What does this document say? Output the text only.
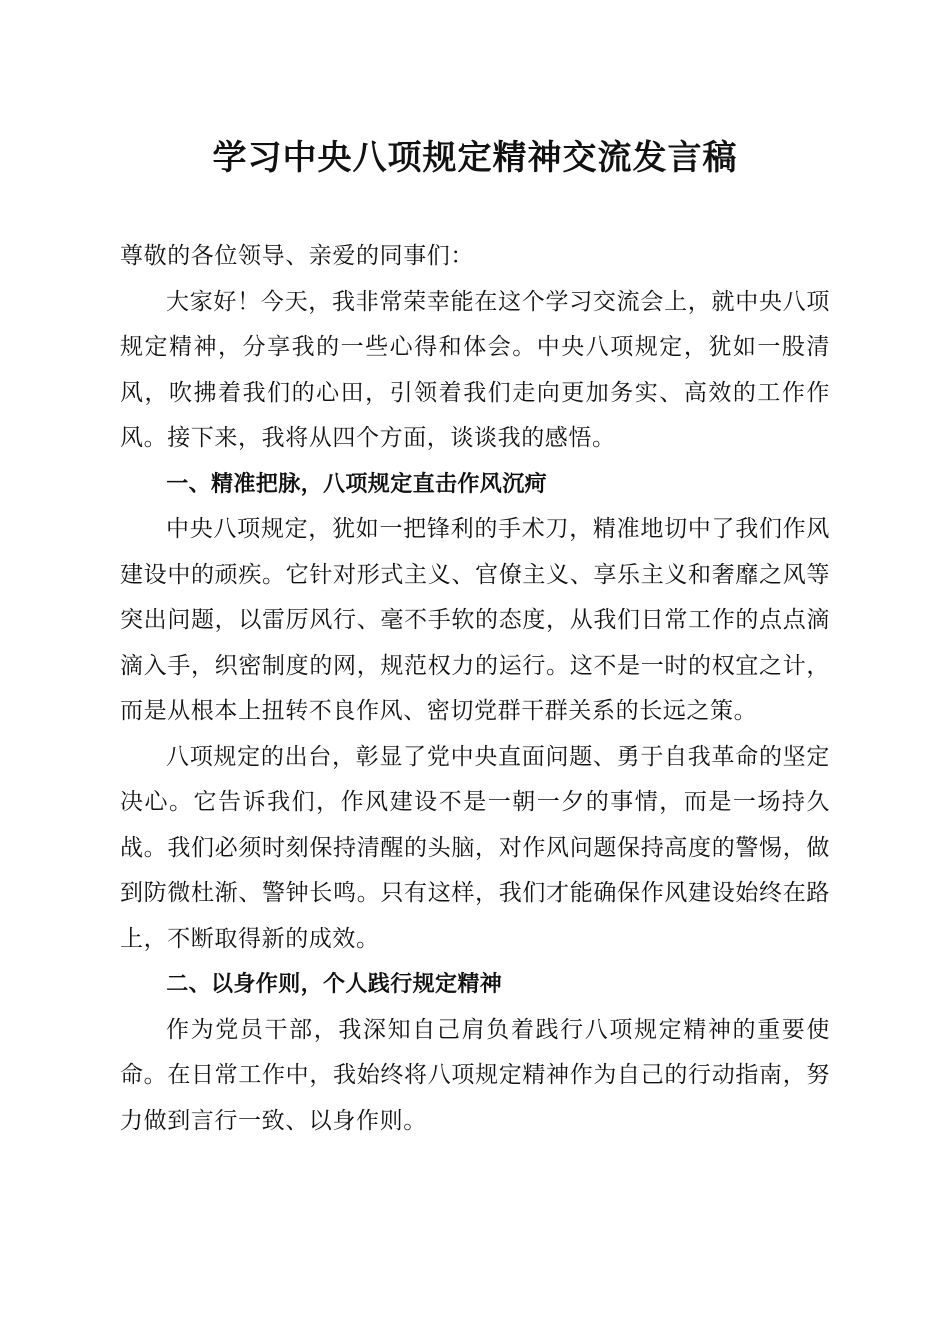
学习中央八项规定精神交流发言稿

尊敬的各位领导、亲爱的同事们：

大家好！今天，我非常荣幸能在这个学习交流会上，就中央八项规定精神，分享我的一些心得和体会。中央八项规定，犹如一股清风，吹拂着我们的心田，引领着我们走向更加务实、高效的工作作风。接下来，我将从四个方面，谈谈我的感悟。

一、精准把脉，八项规定直击作风沉疴

中央八项规定，犹如一把锋利的手术刀，精准地切中了我们作风建设中的顽疾。它针对形式主义、官僚主义、享乐主义和奢靡之风等突出问题，以雷厉风行、毫不手软的态度，从我们日常工作的点点滴滴入手，织密制度的网，规范权力的运行。这不是一时的权宜之计，而是从根本上扭转不良作风、密切党群干群关系的长远之策。

八项规定的出台，彰显了党中央直面问题、勇于自我革命的坚定决心。它告诉我们，作风建设不是一朝一夕的事情，而是一场持久战。我们必须时刻保持清醒的头脑，对作风问题保持高度的警惕，做到防微杜渐、警钟长鸣。只有这样，我们才能确保作风建设始终在路上，不断取得新的成效。

二、以身作则，个人践行规定精神

作为党员干部，我深知自己肩负着践行八项规定精神的重要使命。在日常工作中，我始终将八项规定精神作为自己的行动指南，努力做到言行一致、以身作则。
